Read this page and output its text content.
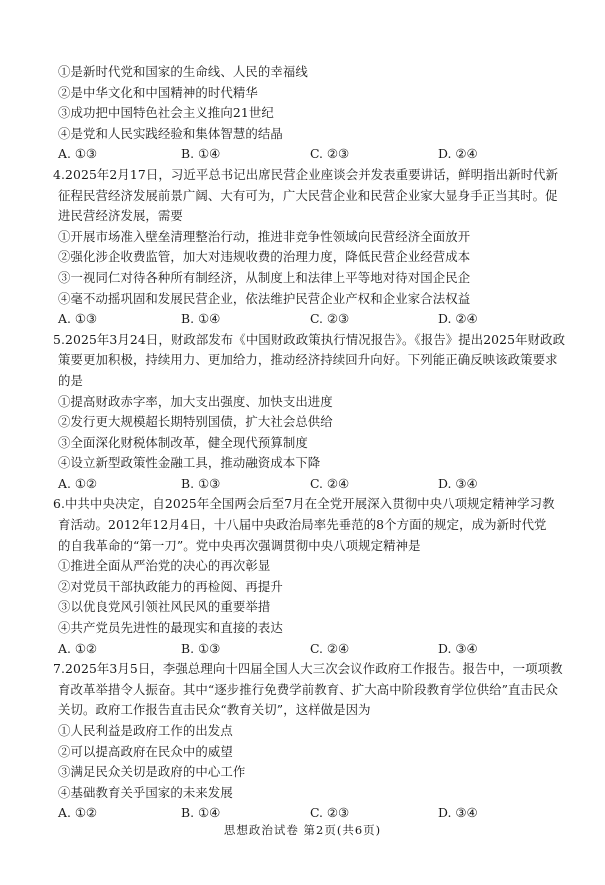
①是新时代党和国家的生命线、人民的幸福线
②是中华文化和中国精神的时代精华
③成功把中国特色社会主义推向21世纪
④是党和人民实践经验和集体智慧的结晶
A. ①③	B. ①④	C. ②③	D. ②④
4. 2025年2月17日，习近平总书记出席民营企业座谈会并发表重要讲话，鲜明指出新时代新
征程民营经济发展前景广阔、大有可为，广大民营企业和民营企业家大显身手正当其时。促
进民营经济发展，需要
①开展市场准入壁垒清理整治行动，推进非竞争性领域向民营经济全面放开
②强化涉企收费监管，加大对违规收费的治理力度，降低民营企业经营成本
③一视同仁对待各种所有制经济，从制度上和法律上平等地对待对国企民企
④毫不动摇巩固和发展民营企业，依法维护民营企业产权和企业家合法权益
A. ①③	B. ①④	C. ②③	D. ②④
5. 2025年3月24日，财政部发布《中国财政政策执行情况报告》。《报告》提出2025年财政政
策要更加积极，持续用力、更加给力，推动经济持续回升向好。下列能正确反映该政策要求
的是
①提高财政赤字率，加大支出强度、加快支出进度
②发行更大规模超长期特别国债，扩大社会总供给
③全面深化财税体制改革，健全现代预算制度
④设立新型政策性金融工具，推动融资成本下降
A. ①②	B. ①③	C. ②④	D. ③④
6. 中共中央决定，自2025年全国两会后至7月在全党开展深入贯彻中央八项规定精神学习教
育活动。2012年12月4日，十八届中央政治局率先垂范的8个方面的规定，成为新时代党
的自我革命的“第一刀”。党中央再次强调贯彻中央八项规定精神是
①推进全面从严治党的决心的再次彰显
②对党员干部执政能力的再检阅、再提升
③以优良党风引领社风民风的重要举措
④共产党员先进性的最现实和直接的表达
A. ①②	B. ①③	C. ②④	D. ③④
7. 2025年3月5日，李强总理向十四届全国人大三次会议作政府工作报告。报告中，一项项教
育改革举措令人振奋。其中“逐步推行免费学前教育、扩大高中阶段教育学位供给”直击民众
关切。政府工作报告直击民众“教育关切”，这样做是因为
①人民利益是政府工作的出发点
②可以提高政府在民众中的威望
③满足民众关切是政府的中心工作
④基础教育关乎国家的未来发展
A. ①②	B. ①④	C. ②③	D. ③④
思想政治试卷 第2页(共6页)
